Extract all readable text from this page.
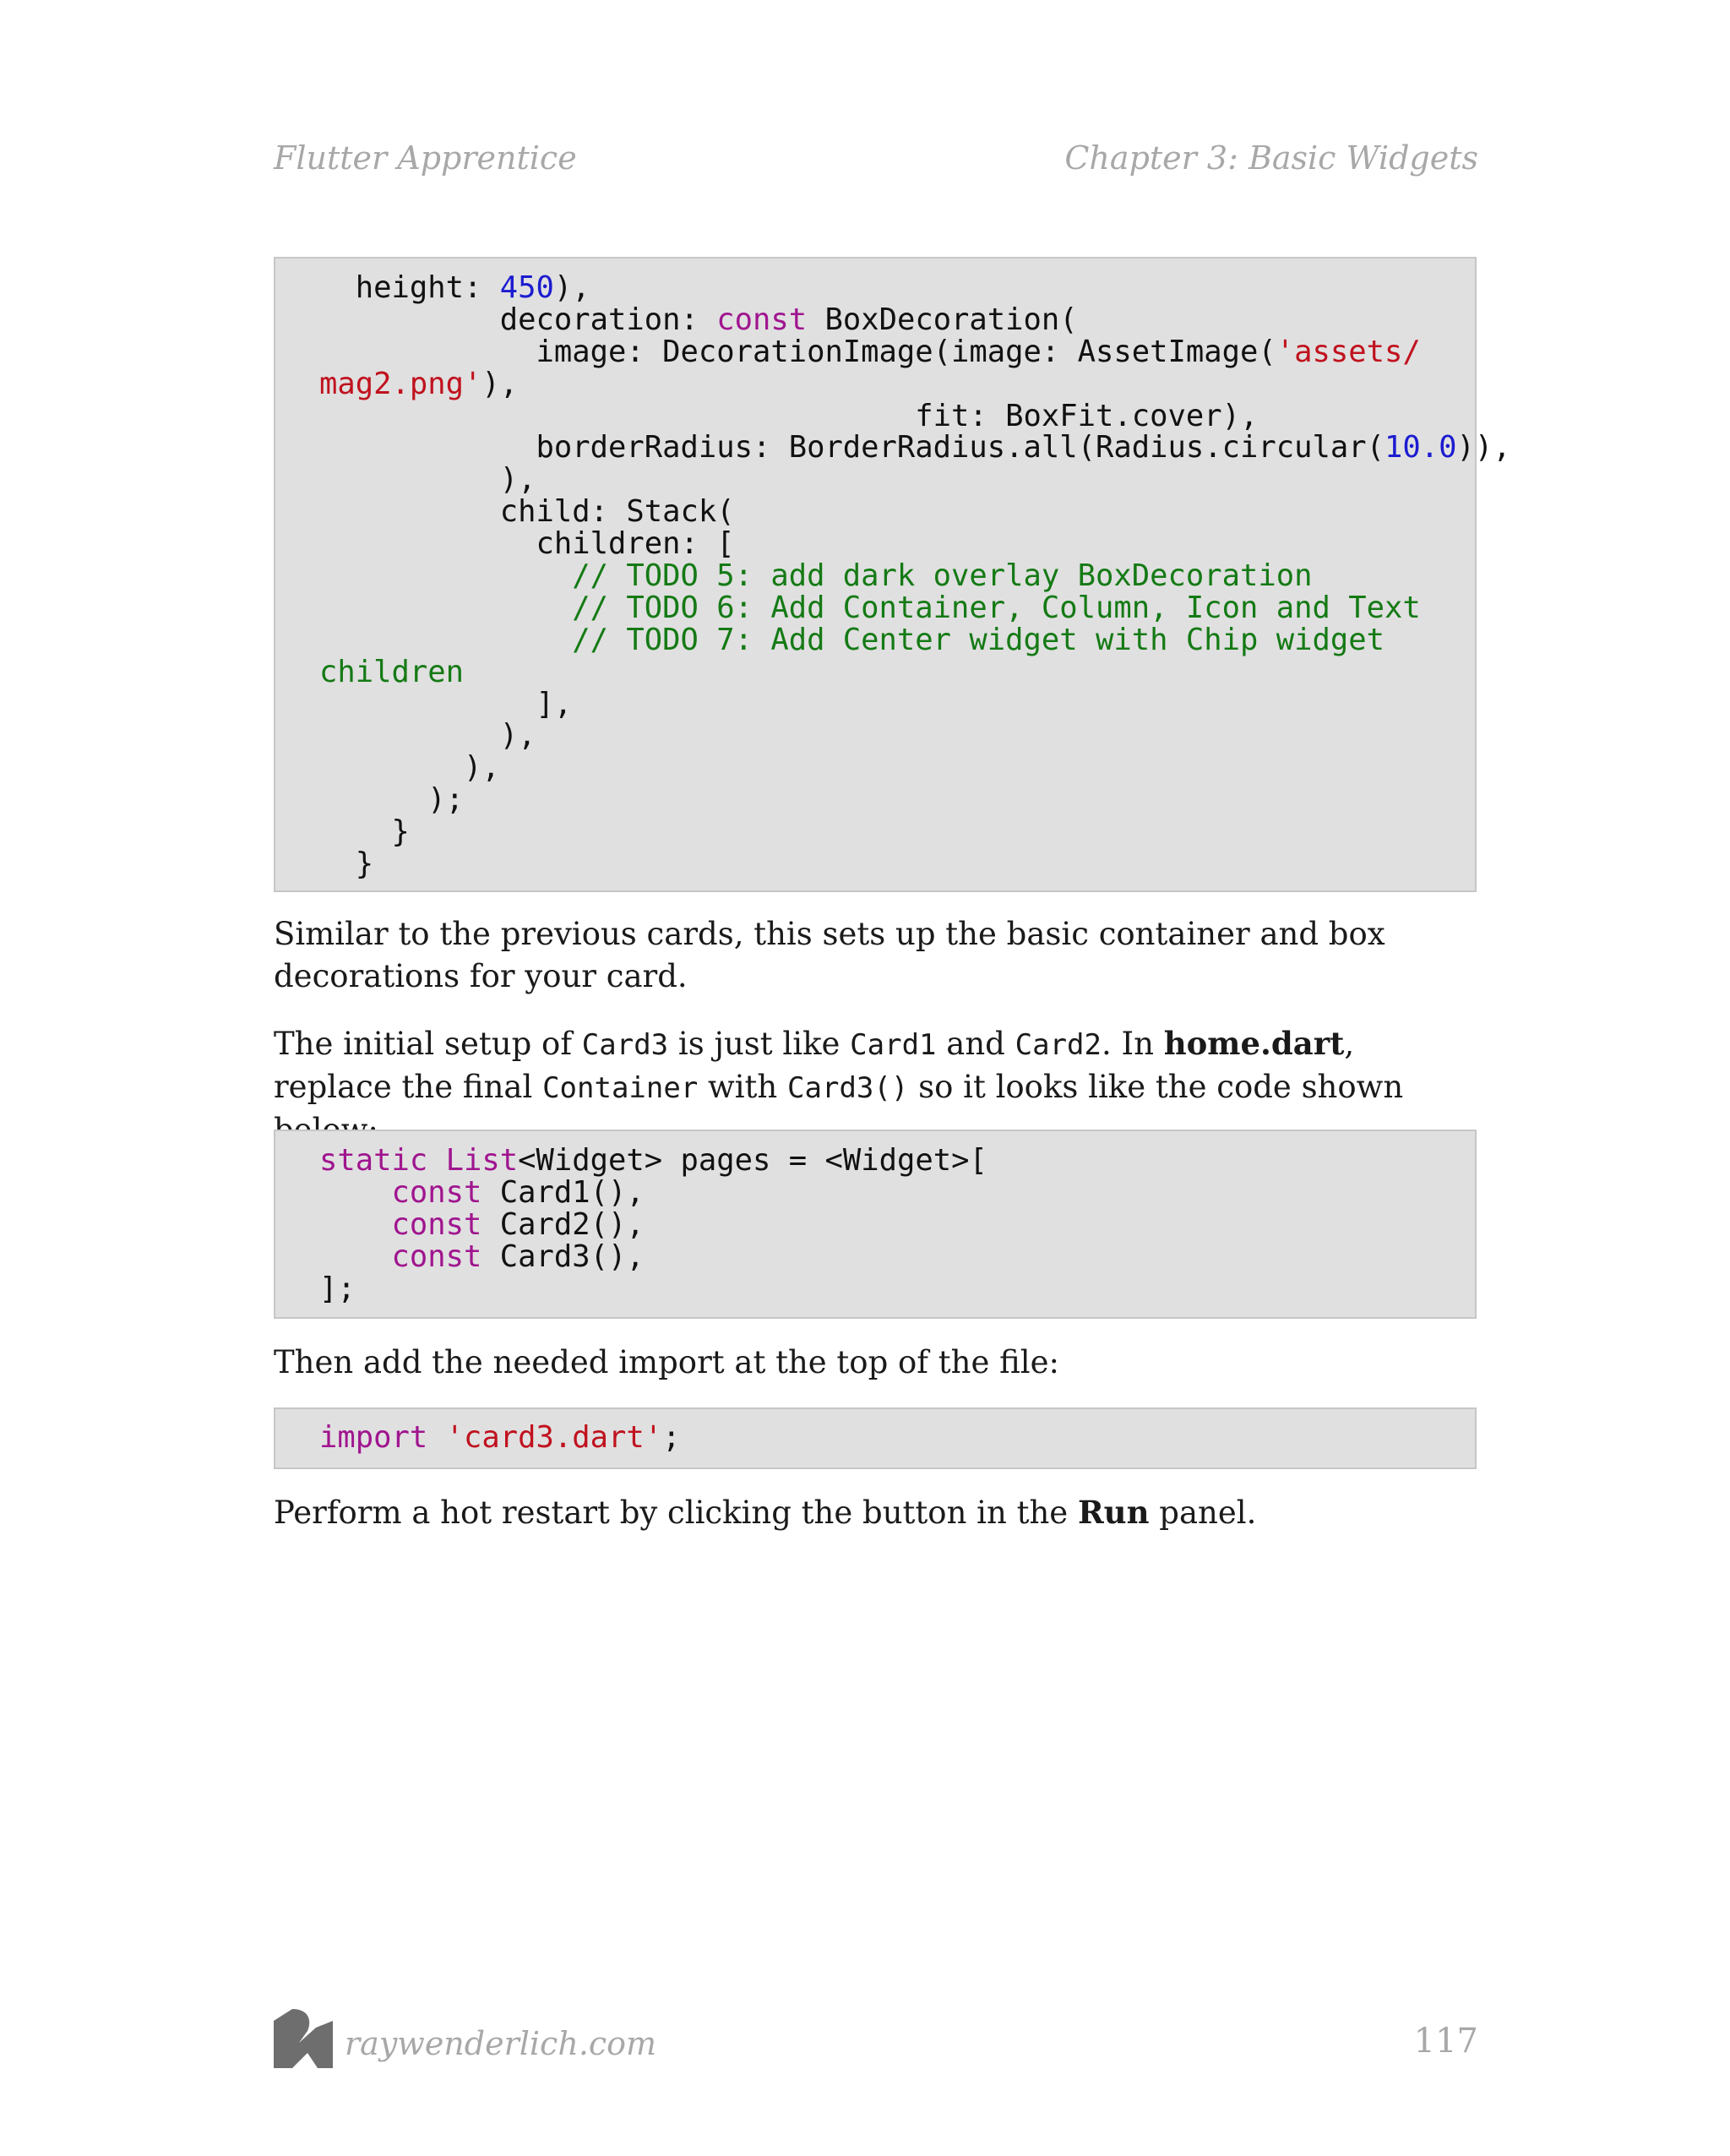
Flutter Apprentice	Chapter 3: Basic Widgets
height: 450),
decoration: const BoxDecoration(
image: DecorationImage(image: AssetImage('assets/
mag2.png'),
fit: BoxFit.cover),
borderRadius: BorderRadius.all(Radius.circular(10.0)),
),
child: Stack(
children: [
// TODO 5: add dark overlay BoxDecoration
// TODO 6: Add Container, Column, Icon and Text
// TODO 7: Add Center widget with Chip widget
children
],
),
),
);
}
}

Similar to the previous cards, this sets up the basic container and box decorations for your card.

The initial setup of Card3 is just like Card1 and Card2. In home.dart, replace the final Container with Card3() so it looks like the code shown

static List<Widget> pages = <Widget>[
const Card1(),
const Card2(),
const Card3(),
];

Then add the needed import at the top of the file:

import 'card3.dart';

Perform a hot restart by clicking the button in the Run panel.

raywenderlich.com	117
